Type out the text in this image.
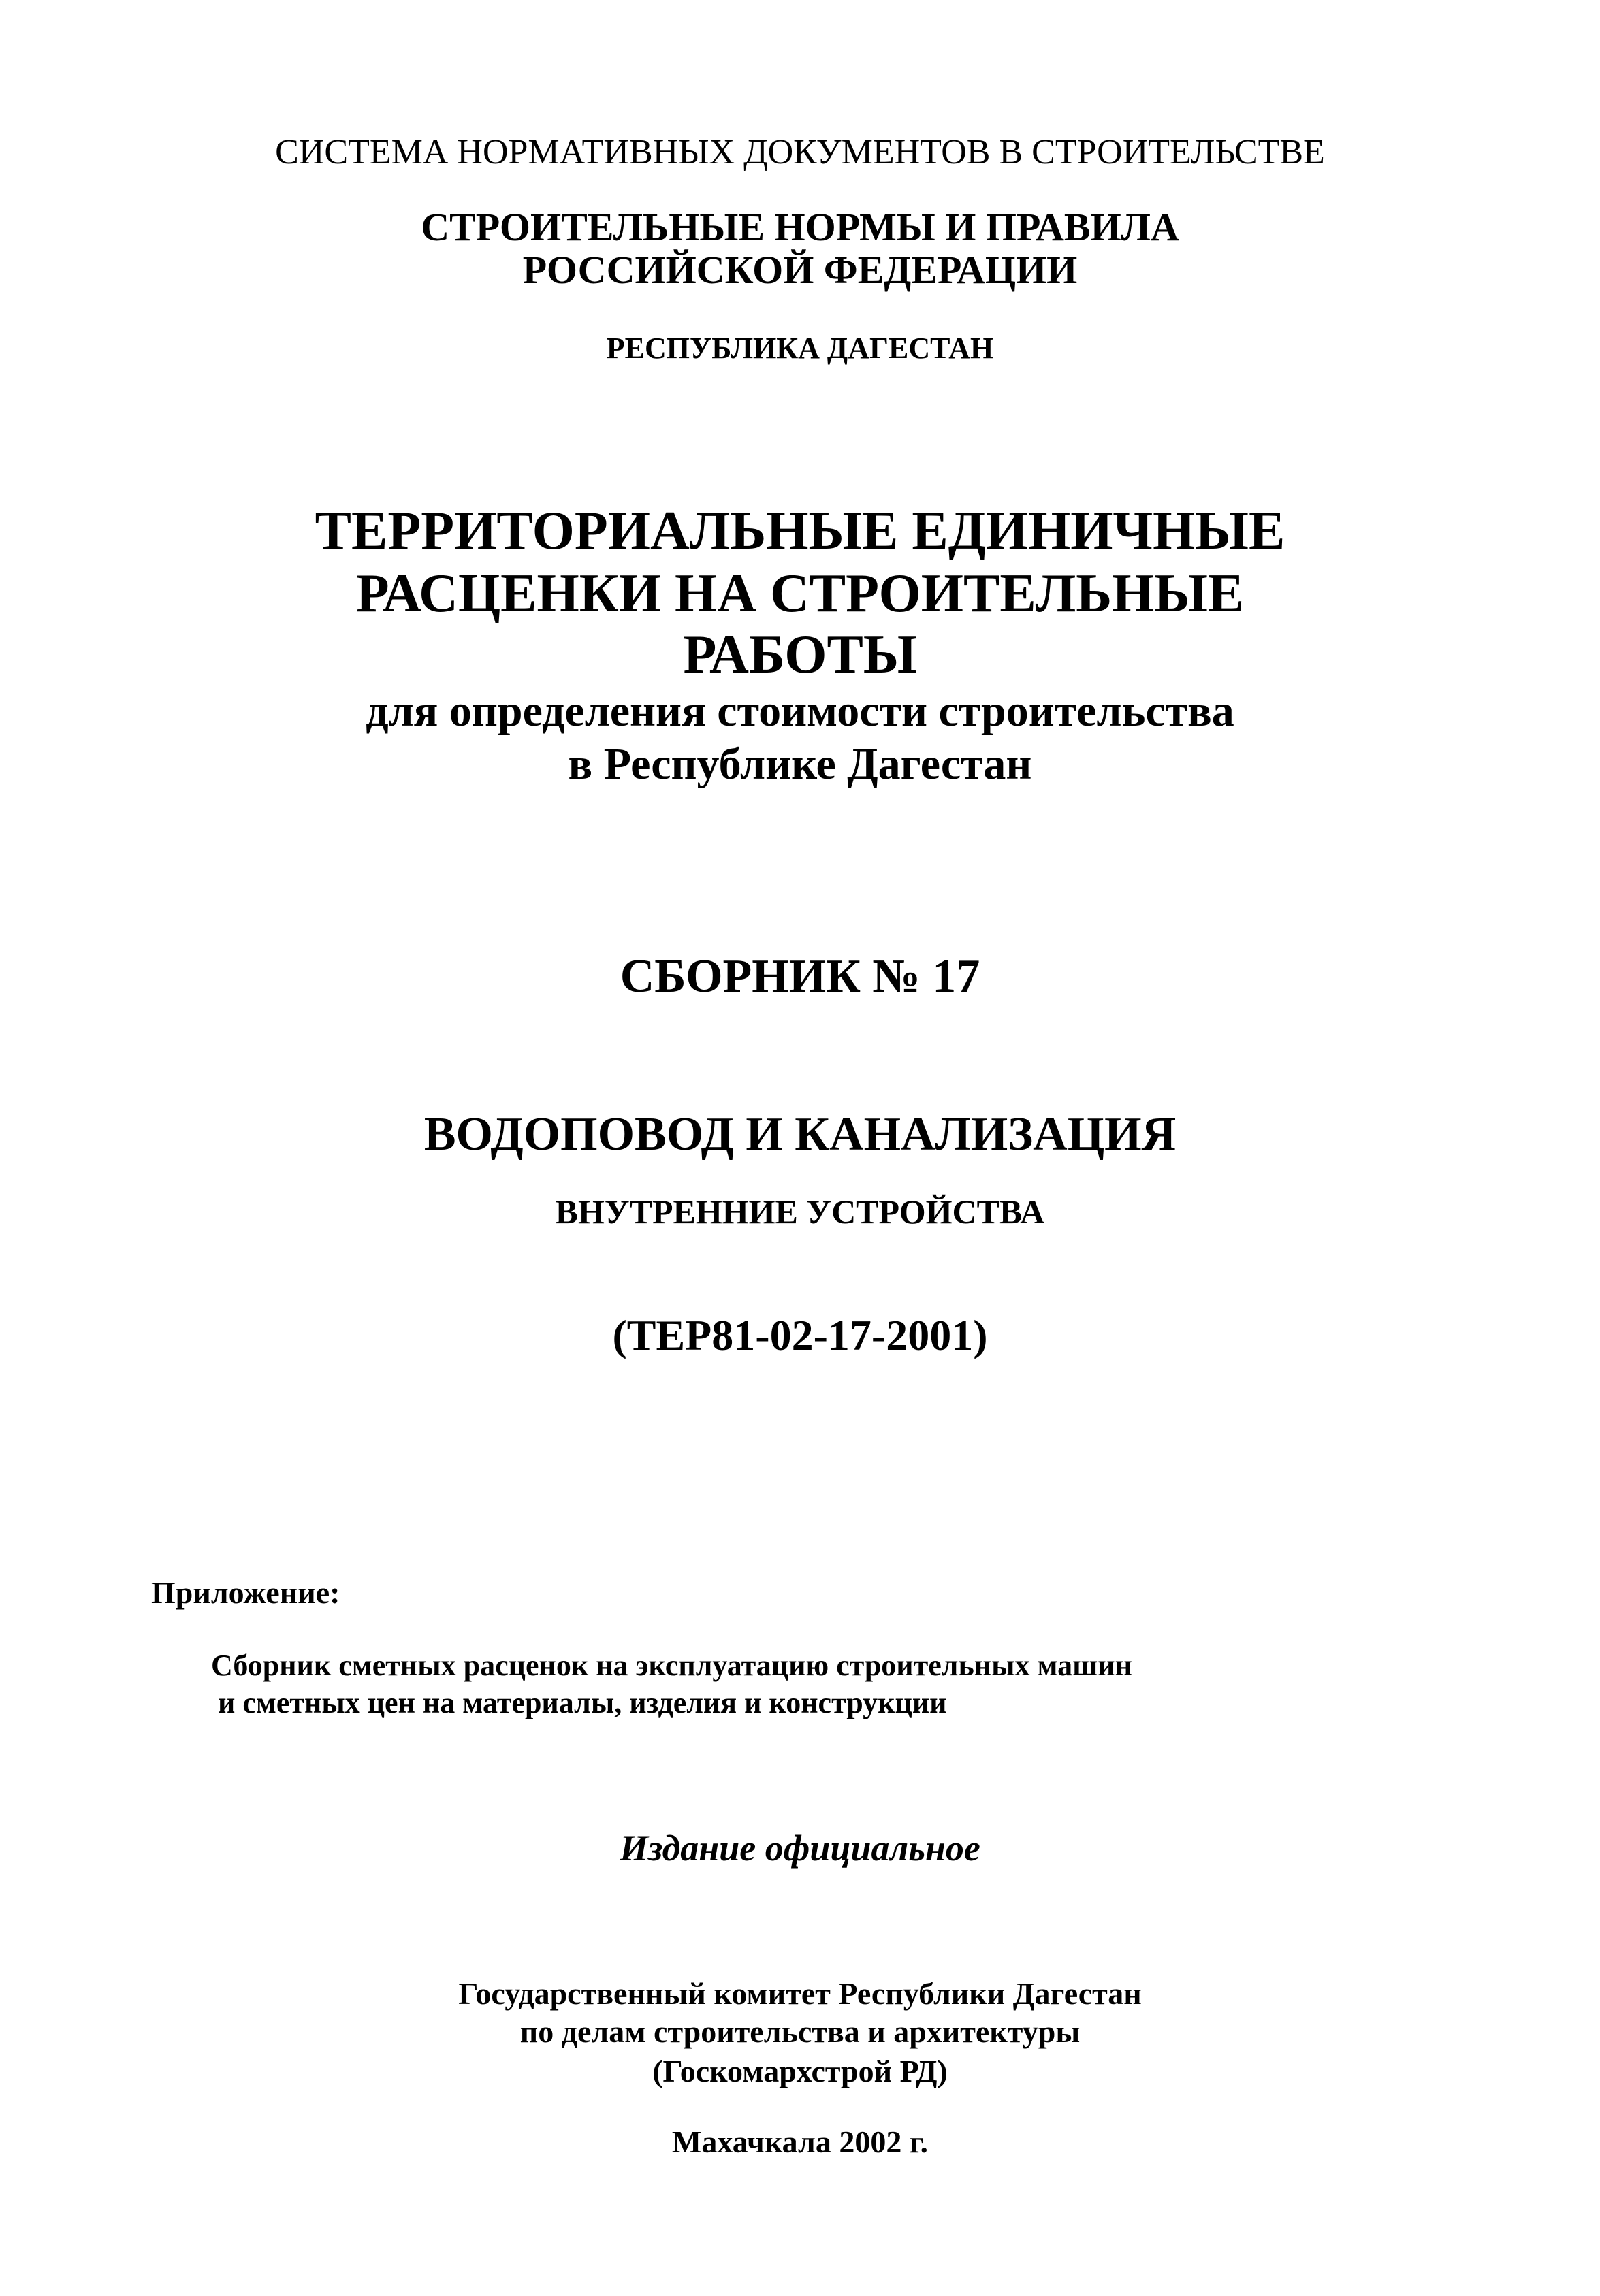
СИСТЕМА НОРМАТИВНЫХ ДОКУМЕНТОВ В СТРОИТЕЛЬСТВЕ
СТРОИТЕЛЬНЫЕ НОРМЫ И ПРАВИЛА
РОССИЙСКОЙ ФЕДЕРАЦИИ
РЕСПУБЛИКА ДАГЕСТАН
ТЕРРИТОРИАЛЬНЫЕ ЕДИНИЧНЫЕ
РАСЦЕНКИ НА СТРОИТЕЛЬНЫЕ
РАБОТЫ
для определения стоимости строительства
в Республике Дагестан
СБОРНИК № 17
ВОДОПОВОД И КАНАЛИЗАЦИЯ
ВНУТРЕННИЕ УСТРОЙСТВА
(ТЕР81-02-17-2001)
Приложение:
Сборник сметных расценок на эксплуатацию строительных машин
и сметных цен на материалы, изделия и конструкции
Издание официальное
Государственный комитет Республики Дагестан
по делам строительства и архитектуры
(Госкомархстрой РД)
Махачкала 2002 г.
